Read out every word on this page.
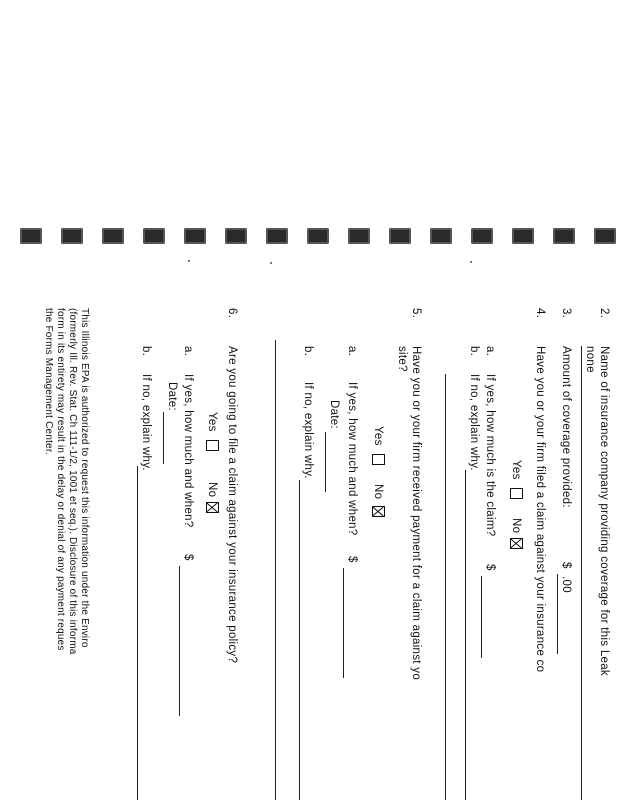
2.
Name of insurance company providing coverage for this Leak
none
3.
Amount of coverage provided:
$
.00
4.
Have you or your firm filed a claim against your insurance co
Yes
No
a.
If yes, how much is the claim?
$
b.
If no, explain why.
5.
Have you or your firm received payment for a claim against yo
site?
Yes
No
a.
If yes, how much and when?
$
Date:
b.
If no, explain why.
6.
Are you going to file a claim against your insurance policy?
Yes
No
a.
If yes, how much and when?
$
Date:
b.
If no, explain why.
This Illinois EPA is authorized to request this information under the Enviro
(formerly Ill. Rev. Stat. Ch 111-1/2, 1001 et seq.). Disclosure of this informa
form in its entirety may result in the delay or denial of any payment reques
the Forms Management Center.
